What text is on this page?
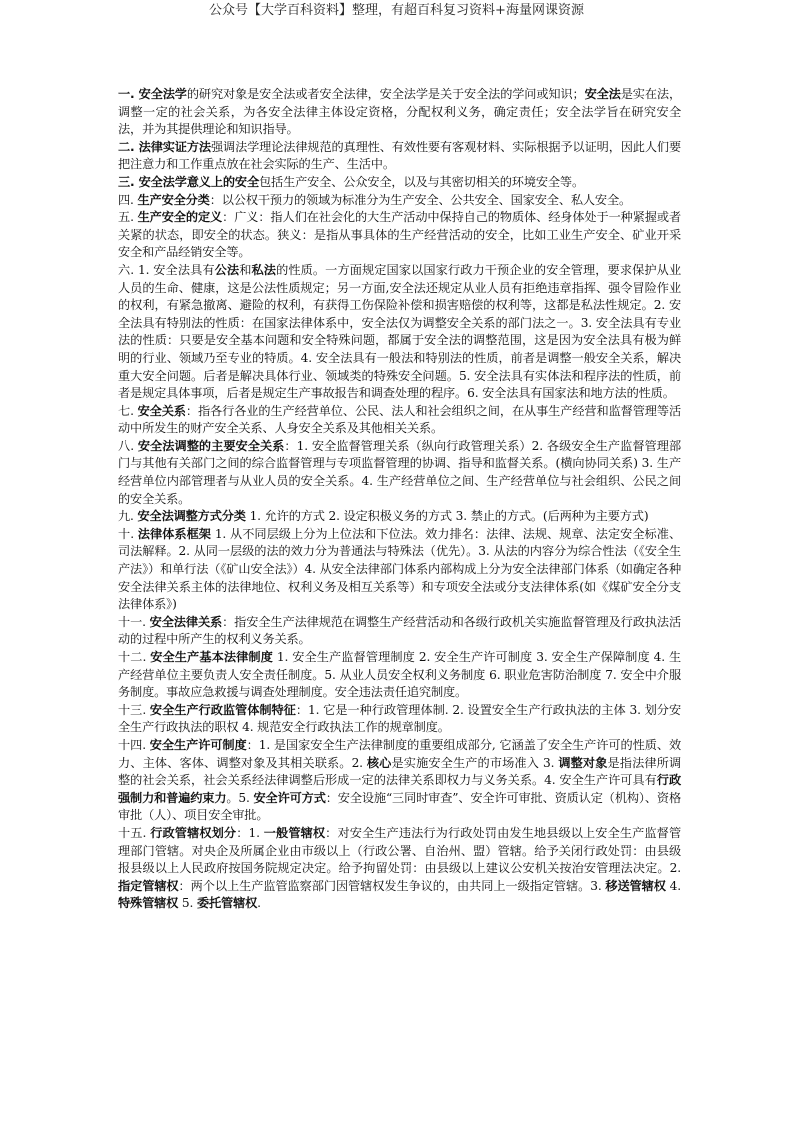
公众号【大学百科资料】整理，有超百科复习资料+海量网课资源

一. 安全法学的研究对象是安全法或者安全法律，安全法学是关于安全法的学问或知识；安全法是实在法，调整一定的社会关系，为各安全法律主体设定资格，分配权利义务，确定责任；安全法学旨在研究安全法，并为其提供理论和知识指导。

二. 法律实证方法强调法学理论法律规范的真理性、有效性要有客观材料、实际根据予以证明，因此人们要把注意力和工作重点放在社会实际的生产、生活中。

三. 安全法学意义上的安全包括生产安全、公众安全，以及与其密切相关的环境安全等。

四. 生产安全分类：以公权干预力的领域为标准分为生产安全、公共安全、国家安全、私人安全。

五. 生产安全的定义：广义：指人们在社会化的大生产活动中保持自己的物质体、经身体处于一种紧握或者关紧的状态，即安全的状态。狭义：是指从事具体的生产经营活动的安全，比如工业生产安全、矿业开采安全和产品经销安全等。

六. 1. 安全法具有公法和私法的性质。一方面规定国家以国家行政力干预企业的安全管理，要求保护从业人员的生命、健康，这是公法性质规定；另一方面,安全法还规定从业人员有拒绝违章指挥、强令冒险作业的权利，有紧急撤离、避险的权利，有获得工伤保险补偿和损害赔偿的权利等，这都是私法性规定。2. 安全法具有特别法的性质：在国家法律体系中，安全法仅为调整安全关系的部门法之一。3. 安全法具有专业法的性质：只要是安全基本问题和安全特殊问题，都属于安全法的调整范围，这是因为安全法具有极为鲜明的行业、领域乃至专业的特质。4. 安全法具有一般法和特别法的性质，前者是调整一般安全关系，解决重大安全问题。后者是解决具体行业、领域类的特殊安全问题。5. 安全法具有实体法和程序法的性质，前者是规定具体事项，后者是规定生产事故报告和调查处理的程序。6. 安全法具有国家法和地方法的性质。

七. 安全关系：指各行各业的生产经营单位、公民、法人和社会组织之间，在从事生产经营和监督管理等活动中所发生的财产安全关系、人身安全关系及其他相关关系。

八. 安全法调整的主要安全关系：1. 安全监督管理关系（纵向行政管理关系）2. 各级安全生产监督管理部门与其他有关部门之间的综合监督管理与专项监督管理的协调、指导和监督关系。(横向协同关系) 3. 生产经营单位内部管理者与从业人员的安全关系。4. 生产经营单位之间、生产经营单位与社会组织、公民之间的安全关系。

九. 安全法调整方式分类 1. 允许的方式 2. 设定积极义务的方式 3. 禁止的方式。(后两种为主要方式)

十. 法律体系框架 1. 从不同层级上分为上位法和下位法。效力排名：法律、法规、规章、法定安全标准、司法解释。2. 从同一层级的法的效力分为普通法与特殊法（优先）。3. 从法的内容分为综合性法（《安全生产法》）和单行法（《矿山安全法》）4. 从安全法律部门体系内部构成上分为安全法律部门体系（如确定各种安全法律关系主体的法律地位、权利义务及相互关系等）和专项安全法或分支法律体系(如《煤矿安全分支法律体系》)

十一. 安全法律关系：指安全生产法律规范在调整生产经营活动和各级行政机关实施监督管理及行政执法活动的过程中所产生的权利义务关系。

十二. 安全生产基本法律制度 1. 安全生产监督管理制度 2. 安全生产许可制度 3. 安全生产保障制度 4. 生产经营单位主要负责人安全责任制度。5. 从业人员安全权利义务制度 6. 职业危害防治制度 7. 安全中介服务制度。事故应急救援与调查处理制度。安全违法责任追究制度。

十三. 安全生产行政监管体制特征：1. 它是一种行政管理体制. 2. 设置安全生产行政执法的主体 3. 划分安全生产行政执法的职权 4. 规范安全行政执法工作的规章制度。

十四. 安全生产许可制度：1. 是国家安全生产法律制度的重要组成部分, 它涵盖了安全生产许可的性质、效力、主体、客体、调整对象及其相关联系。2. 核心是实施安全生产的市场准入 3. 调整对象是指法律所调整的社会关系，社会关系经法律调整后形成一定的法律关系即权力与义务关系。4. 安全生产许可具有行政强制力和普遍约束力。5. 安全许可方式：安全设施“三同时审查”、安全许可审批、资质认定（机构）、资格审批（人）、项目安全审批。

十五. 行政管辖权划分：1. 一般管辖权：对安全生产违法行为行政处罚由发生地县级以上安全生产监督管理部门管辖。对央企及所属企业由市级以上（行政公署、自治州、盟）管辖。给予关闭行政处罚：由县级报县级以上人民政府按国务院规定决定。给予拘留处罚：由县级以上建议公安机关按治安管理法决定。2. 指定管辖权：两个以上生产监管监察部门因管辖权发生争议的，由共同上一级指定管辖。3. 移送管辖权 4. 特殊管辖权 5. 委托管辖权.
